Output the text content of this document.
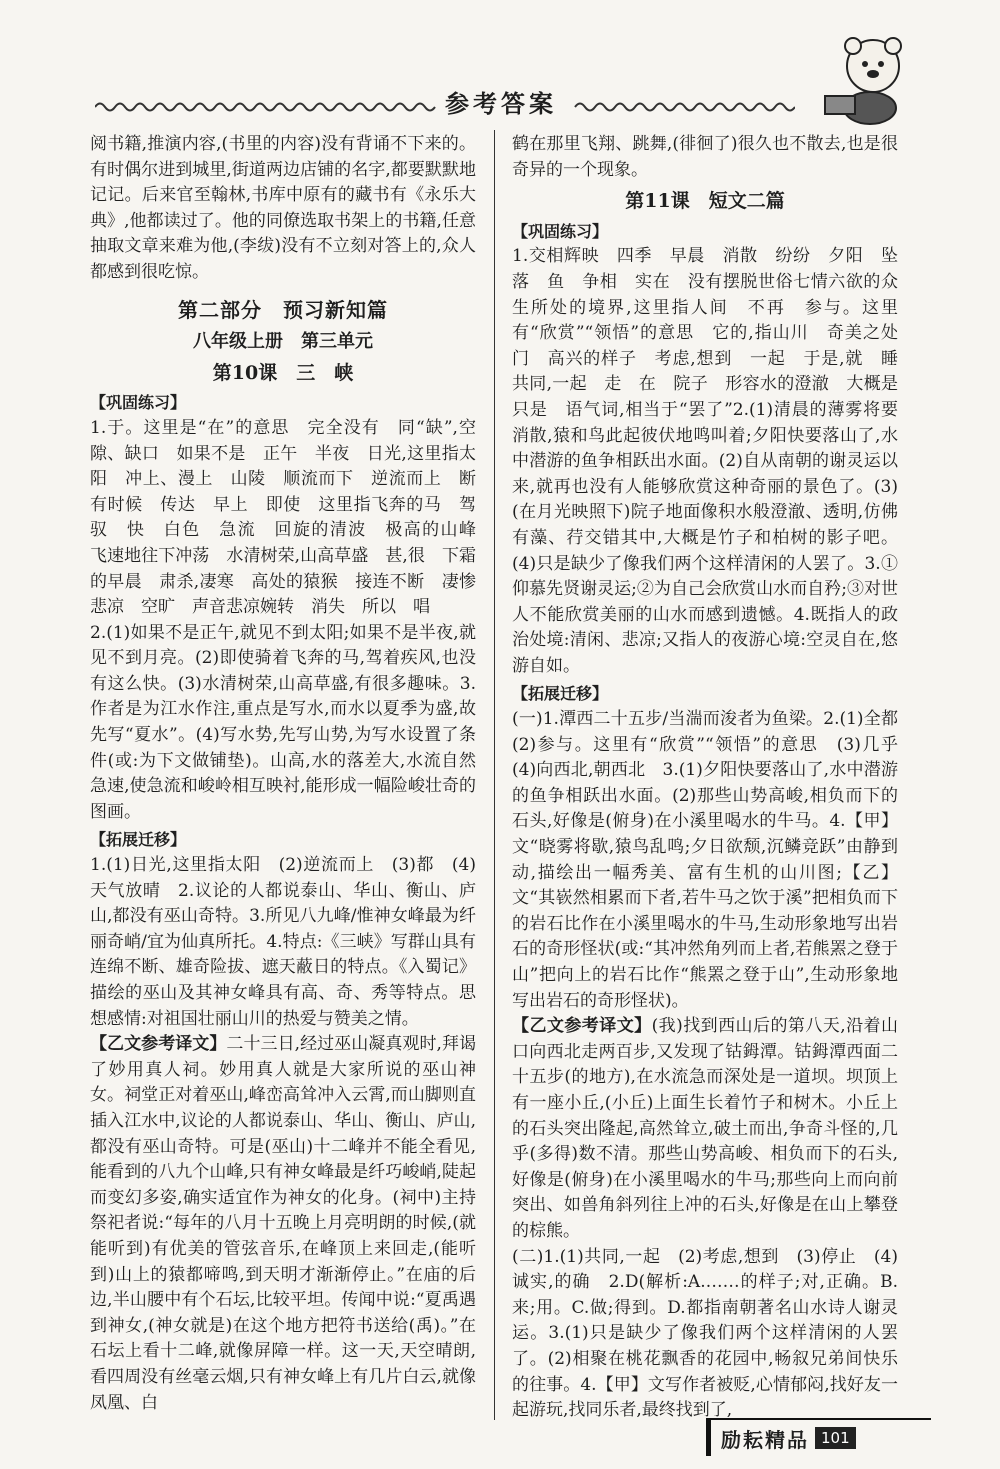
参考答案

阅书籍,推演内容,(书里的内容)没有背诵不下来的。有时偶尔进到城里,街道两边店铺的名字,都要默默地记记。后来官至翰林,书库中原有的藏书有《永乐大典》,他都读过了。他的同僚选取书架上的书籍,任意抽取文章来难为他,(李绂)没有不立刻对答上的,众人都感到很吃惊。

第二部分　预习新知篇
八年级上册　第三单元
第10课　三　峡
【巩固练习】

1.于。这里是“在”的意思　完全没有　同“缺”,空隙、缺口　如果不是　正午　半夜　日光,这里指太阳　冲上、漫上　山陵　顺流而下　逆流而上　断有时候　传达　早上　即使　这里指飞奔的马　驾驭　快　白色　急流　回旋的清波　极高的山峰　飞速地往下冲荡　水清树荣,山高草盛　甚,很　下霜的早晨　肃杀,凄寒　高处的猿猴　接连不断　凄惨悲凉　空旷　声音悲凉婉转　消失　所以　唱

2.(1)如果不是正午,就见不到太阳;如果不是半夜,就见不到月亮。(2)即使骑着飞奔的马,驾着疾风,也没有这么快。(3)水清树荣,山高草盛,有很多趣味。3.作者是为江水作注,重点是写水,而水以夏季为盛,故先写“夏水”。(4)写水势,先写山势,为写水设置了条件(或:为下文做铺垫)。山高,水的落差大,水流自然急速,使急流和峻岭相互映衬,能形成一幅险峻壮奇的图画。

【拓展迁移】

1.(1)日光,这里指太阳　(2)逆流而上　(3)都　(4)天气放晴　2.议论的人都说泰山、华山、衡山、庐山,都没有巫山奇特。3.所见八九峰/惟神女峰最为纤丽奇峭/宜为仙真所托。4.特点:《三峡》写群山具有连绵不断、雄奇险拔、遮天蔽日的特点。《入蜀记》描绘的巫山及其神女峰具有高、奇、秀等特点。思想感情:对祖国壮丽山川的热爱与赞美之情。

【乙文参考译文】二十三日,经过巫山凝真观时,拜谒了妙用真人祠。妙用真人就是大家所说的巫山神女。祠堂正对着巫山,峰峦高耸冲入云霄,而山脚则直插入江水中,议论的人都说泰山、华山、衡山、庐山,都没有巫山奇特。可是(巫山)十二峰并不能全看见,能看到的八九个山峰,只有神女峰最是纤巧峻峭,陡起而变幻多姿,确实适宜作为神女的化身。(祠中)主持祭祀者说:“每年的八月十五晚上月亮明朗的时候,(就能听到)有优美的管弦音乐,在峰顶上来回走,(能听到)山上的猿都啼鸣,到天明才渐渐停止。”在庙的后边,半山腰中有个石坛,比较平坦。传闻中说:“夏禹遇到神女,(神女就是)在这个地方把符书送给(禹)。”在石坛上看十二峰,就像屏障一样。这一天,天空晴朗,看四周没有丝毫云烟,只有神女峰上有几片白云,就像凤凰、白

鹤在那里飞翔、跳舞,(徘徊了)很久也不散去,也是很奇异的一个现象。

第11课　短文二篇
【巩固练习】

1.交相辉映　四季　早晨　消散　纷纷　夕阳　坠落　鱼　争相　实在　没有摆脱世俗七情六欲的众生所处的境界,这里指人间　不再　参与。这里有“欣赏”“领悟”的意思　它的,指山川　奇美之处　门　高兴的样子　考虑,想到　一起　于是,就　睡　共同,一起　走　在　院子　形容水的澄澈　大概是　只是　语气词,相当于“罢了”2.(1)清晨的薄雾将要消散,猿和鸟此起彼伏地鸣叫着;夕阳快要落山了,水中潜游的鱼争相跃出水面。(2)自从南朝的谢灵运以来,就再也没有人能够欣赏这种奇丽的景色了。(3)(在月光映照下)院子地面像积水般澄澈、透明,仿佛有藻、荇交错其中,大概是竹子和柏树的影子吧。(4)只是缺少了像我们两个这样清闲的人罢了。3.①仰慕先贤谢灵运;②为自己会欣赏山水而自矜;③对世人不能欣赏美丽的山水而感到遗憾。4.既指人的政治处境:清闲、悲凉;又指人的夜游心境:空灵自在,悠游自如。

【拓展迁移】

(一)1.潭西二十五步/当湍而浚者为鱼梁。2.(1)全都　(2)参与。这里有“欣赏”“领悟”的意思　(3)几乎　(4)向西北,朝西北　3.(1)夕阳快要落山了,水中潜游的鱼争相跃出水面。(2)那些山势高峻,相负而下的石头,好像是(俯身)在小溪里喝水的牛马。4.【甲】文“晓雾将歇,猿鸟乱鸣;夕日欲颓,沉鳞竞跃”由静到动,描绘出一幅秀美、富有生机的山川图;【乙】文“其嵚然相累而下者,若牛马之饮于溪”把相负而下的岩石比作在小溪里喝水的牛马,生动形象地写出岩石的奇形怪状(或:“其冲然角列而上者,若熊罴之登于山”把向上的岩石比作“熊罴之登于山”,生动形象地写出岩石的奇形怪状)。

【乙文参考译文】(我)找到西山后的第八天,沿着山口向西北走两百步,又发现了钴鉧潭。钴鉧潭西面二十五步(的地方),在水流急而深处是一道坝。坝顶上有一座小丘,(小丘)上面生长着竹子和树木。小丘上的石头突出隆起,高然耸立,破土而出,争奇斗怪的,几乎(多得)数不清。那些山势高峻、相负而下的石头,好像是(俯身)在小溪里喝水的牛马;那些向上而向前突出、如兽角斜列往上冲的石头,好像是在山上攀登的棕熊。

(二)1.(1)共同,一起　(2)考虑,想到　(3)停止　(4)诚实,的确　2.D(解析:A.……的样子;对,正确。B.来;用。C.做;得到。D.都指南朝著名山水诗人谢灵运。3.(1)只是缺少了像我们两个这样清闲的人罢了。(2)相聚在桃花飘香的花园中,畅叙兄弟间快乐的往事。4.【甲】文写作者被贬,心情郁闷,找好友一起游玩,找同乐者,最终找到了,

励耘精品 101
